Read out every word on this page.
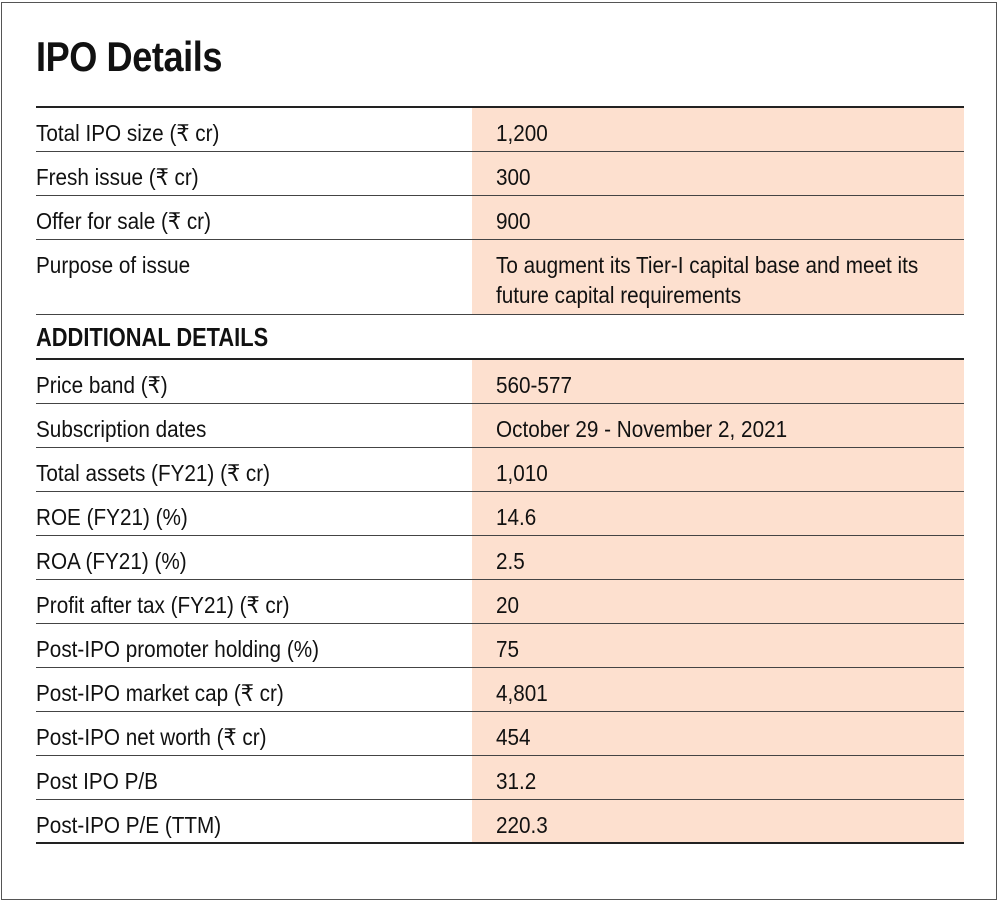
IPO Details
Total IPO size (₹ cr)	1,200
Fresh issue (₹ cr)	300
Offer for sale (₹ cr)	900
Purpose of issue	To augment its Tier-I capital base and meet its future capital requirements
ADDITIONAL DETAILS
Price band (₹)	560-577
Subscription dates	October 29 - November 2, 2021
Total assets (FY21) (₹ cr)	1,010
ROE (FY21) (%)	14.6
ROA (FY21) (%)	2.5
Profit after tax (FY21) (₹ cr)	20
Post-IPO promoter holding (%)	75
Post-IPO market cap (₹ cr)	4,801
Post-IPO net worth (₹ cr)	454
Post IPO P/B	31.2
Post-IPO P/E (TTM)	220.3
